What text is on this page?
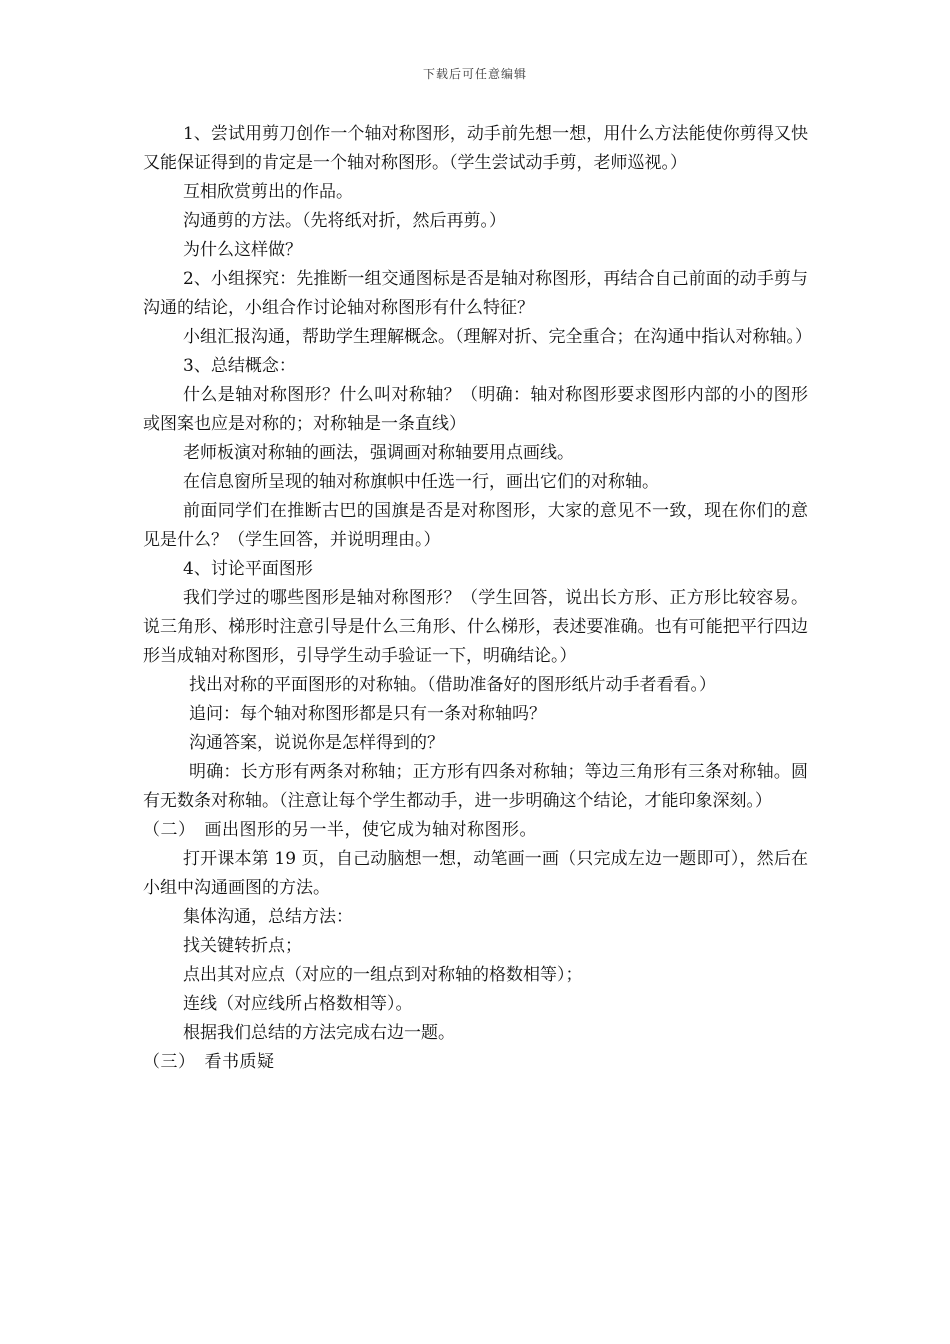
下载后可任意编辑

1、尝试用剪刀创作一个轴对称图形，动手前先想一想，用什么方法能使你剪得又快又能保证得到的肯定是一个轴对称图形。（学生尝试动手剪，老师巡视。）

互相欣赏剪出的作品。

沟通剪的方法。（先将纸对折，然后再剪。）

为什么这样做？

2、小组探究：先推断一组交通图标是否是轴对称图形，再结合自己前面的动手剪与沟通的结论，小组合作讨论轴对称图形有什么特征？

小组汇报沟通，帮助学生理解概念。（理解对折、完全重合；在沟通中指认对称轴。）

3、总结概念：

什么是轴对称图形？什么叫对称轴？（明确：轴对称图形要求图形内部的小的图形或图案也应是对称的；对称轴是一条直线）

老师板演对称轴的画法，强调画对称轴要用点画线。

在信息窗所呈现的轴对称旗帜中任选一行，画出它们的对称轴。

前面同学们在推断古巴的国旗是否是对称图形，大家的意见不一致，现在你们的意见是什么？（学生回答，并说明理由。）

4、讨论平面图形

我们学过的哪些图形是轴对称图形？（学生回答，说出长方形、正方形比较容易。说三角形、梯形时注意引导是什么三角形、什么梯形，表述要准确。也有可能把平行四边形当成轴对称图形，引导学生动手验证一下，明确结论。）

找出对称的平面图形的对称轴。（借助准备好的图形纸片动手者看看。）

追问：每个轴对称图形都是只有一条对称轴吗？

沟通答案，说说你是怎样得到的？

明确：长方形有两条对称轴；正方形有四条对称轴；等边三角形有三条对称轴。圆有无数条对称轴。（注意让每个学生都动手，进一步明确这个结论，才能印象深刻。）

（二）　画出图形的另一半，使它成为轴对称图形。

打开课本第 19 页，自己动脑想一想，动笔画一画（只完成左边一题即可），然后在小组中沟通画图的方法。

集体沟通，总结方法：

找关键转折点；

点出其对应点（对应的一组点到对称轴的格数相等）；

连线（对应线所占格数相等）。

根据我们总结的方法完成右边一题。

（三）　看书质疑
